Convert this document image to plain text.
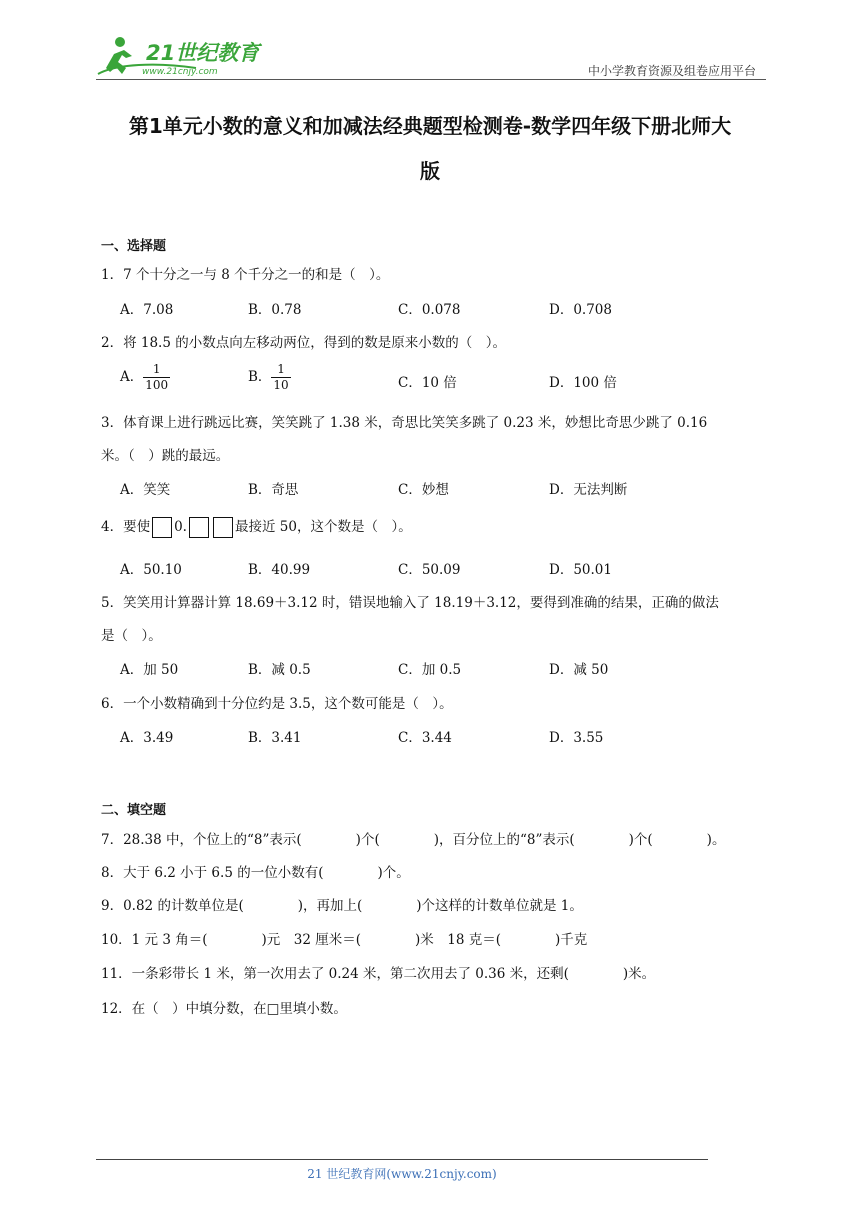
21世纪教育
www.21cnjy.com	中小学教育资源及组卷应用平台
第1单元小数的意义和加减法经典题型检测卷-数学四年级下册北师大
版
一、选择题
1．7 个十分之一与 8 个千分之一的和是（　）。
A．7.08	B．0.78	C．0.078	D．0.708
2．将 18.5 的小数点向左移动两位，得到的数是原来小数的（　）。
A． $\frac{1}{100}$	B． $\frac{1}{10}$	C．10 倍	D．100 倍
3．体育课上进行跳远比赛，笑笑跳了 1.38 米，奇思比笑笑多跳了 0.23 米，妙想比奇思少跳了 0.16
米。（　）跳的最远。
A．笑笑	B．奇思	C．妙想	D．无法判断
4．要使 0.	最接近 50，这个数是（　）。
A．50.10	B．40.99	C．50.09	D．50.01
5．笑笑用计算器计算 18.69＋3.12 时，错误地输入了 18.19＋3.12，要得到准确的结果，正确的做法
是（　）。
A．加 50	B．减 0.5	C．加 0.5	D．减 50
6．一个小数精确到十分位约是 3.5，这个数可能是（　）。
A．3.49	B．3.41	C．3.44	D．3.55
二、填空题
7．28.38 中，个位上的“8”表示(　　　　)个(　　　　)，百分位上的“8”表示(　　　　)个(　　　　)。
8．大于 6.2 小于 6.5 的一位小数有(　　　　)个。
9．0.82 的计数单位是(　　　　)，再加上(　　　　)个这样的计数单位就是 1。
10．1 元 3 角＝(　　　　)元　32 厘米＝(　　　　)米　18 克＝(　　　　)千克
11．一条彩带长 1 米，第一次用去了 0.24 米，第二次用去了 0.36 米，还剩(　　　　)米。
12．在（　）中填分数，在□里填小数。
21 世纪教育网(www.21cnjy.com)
